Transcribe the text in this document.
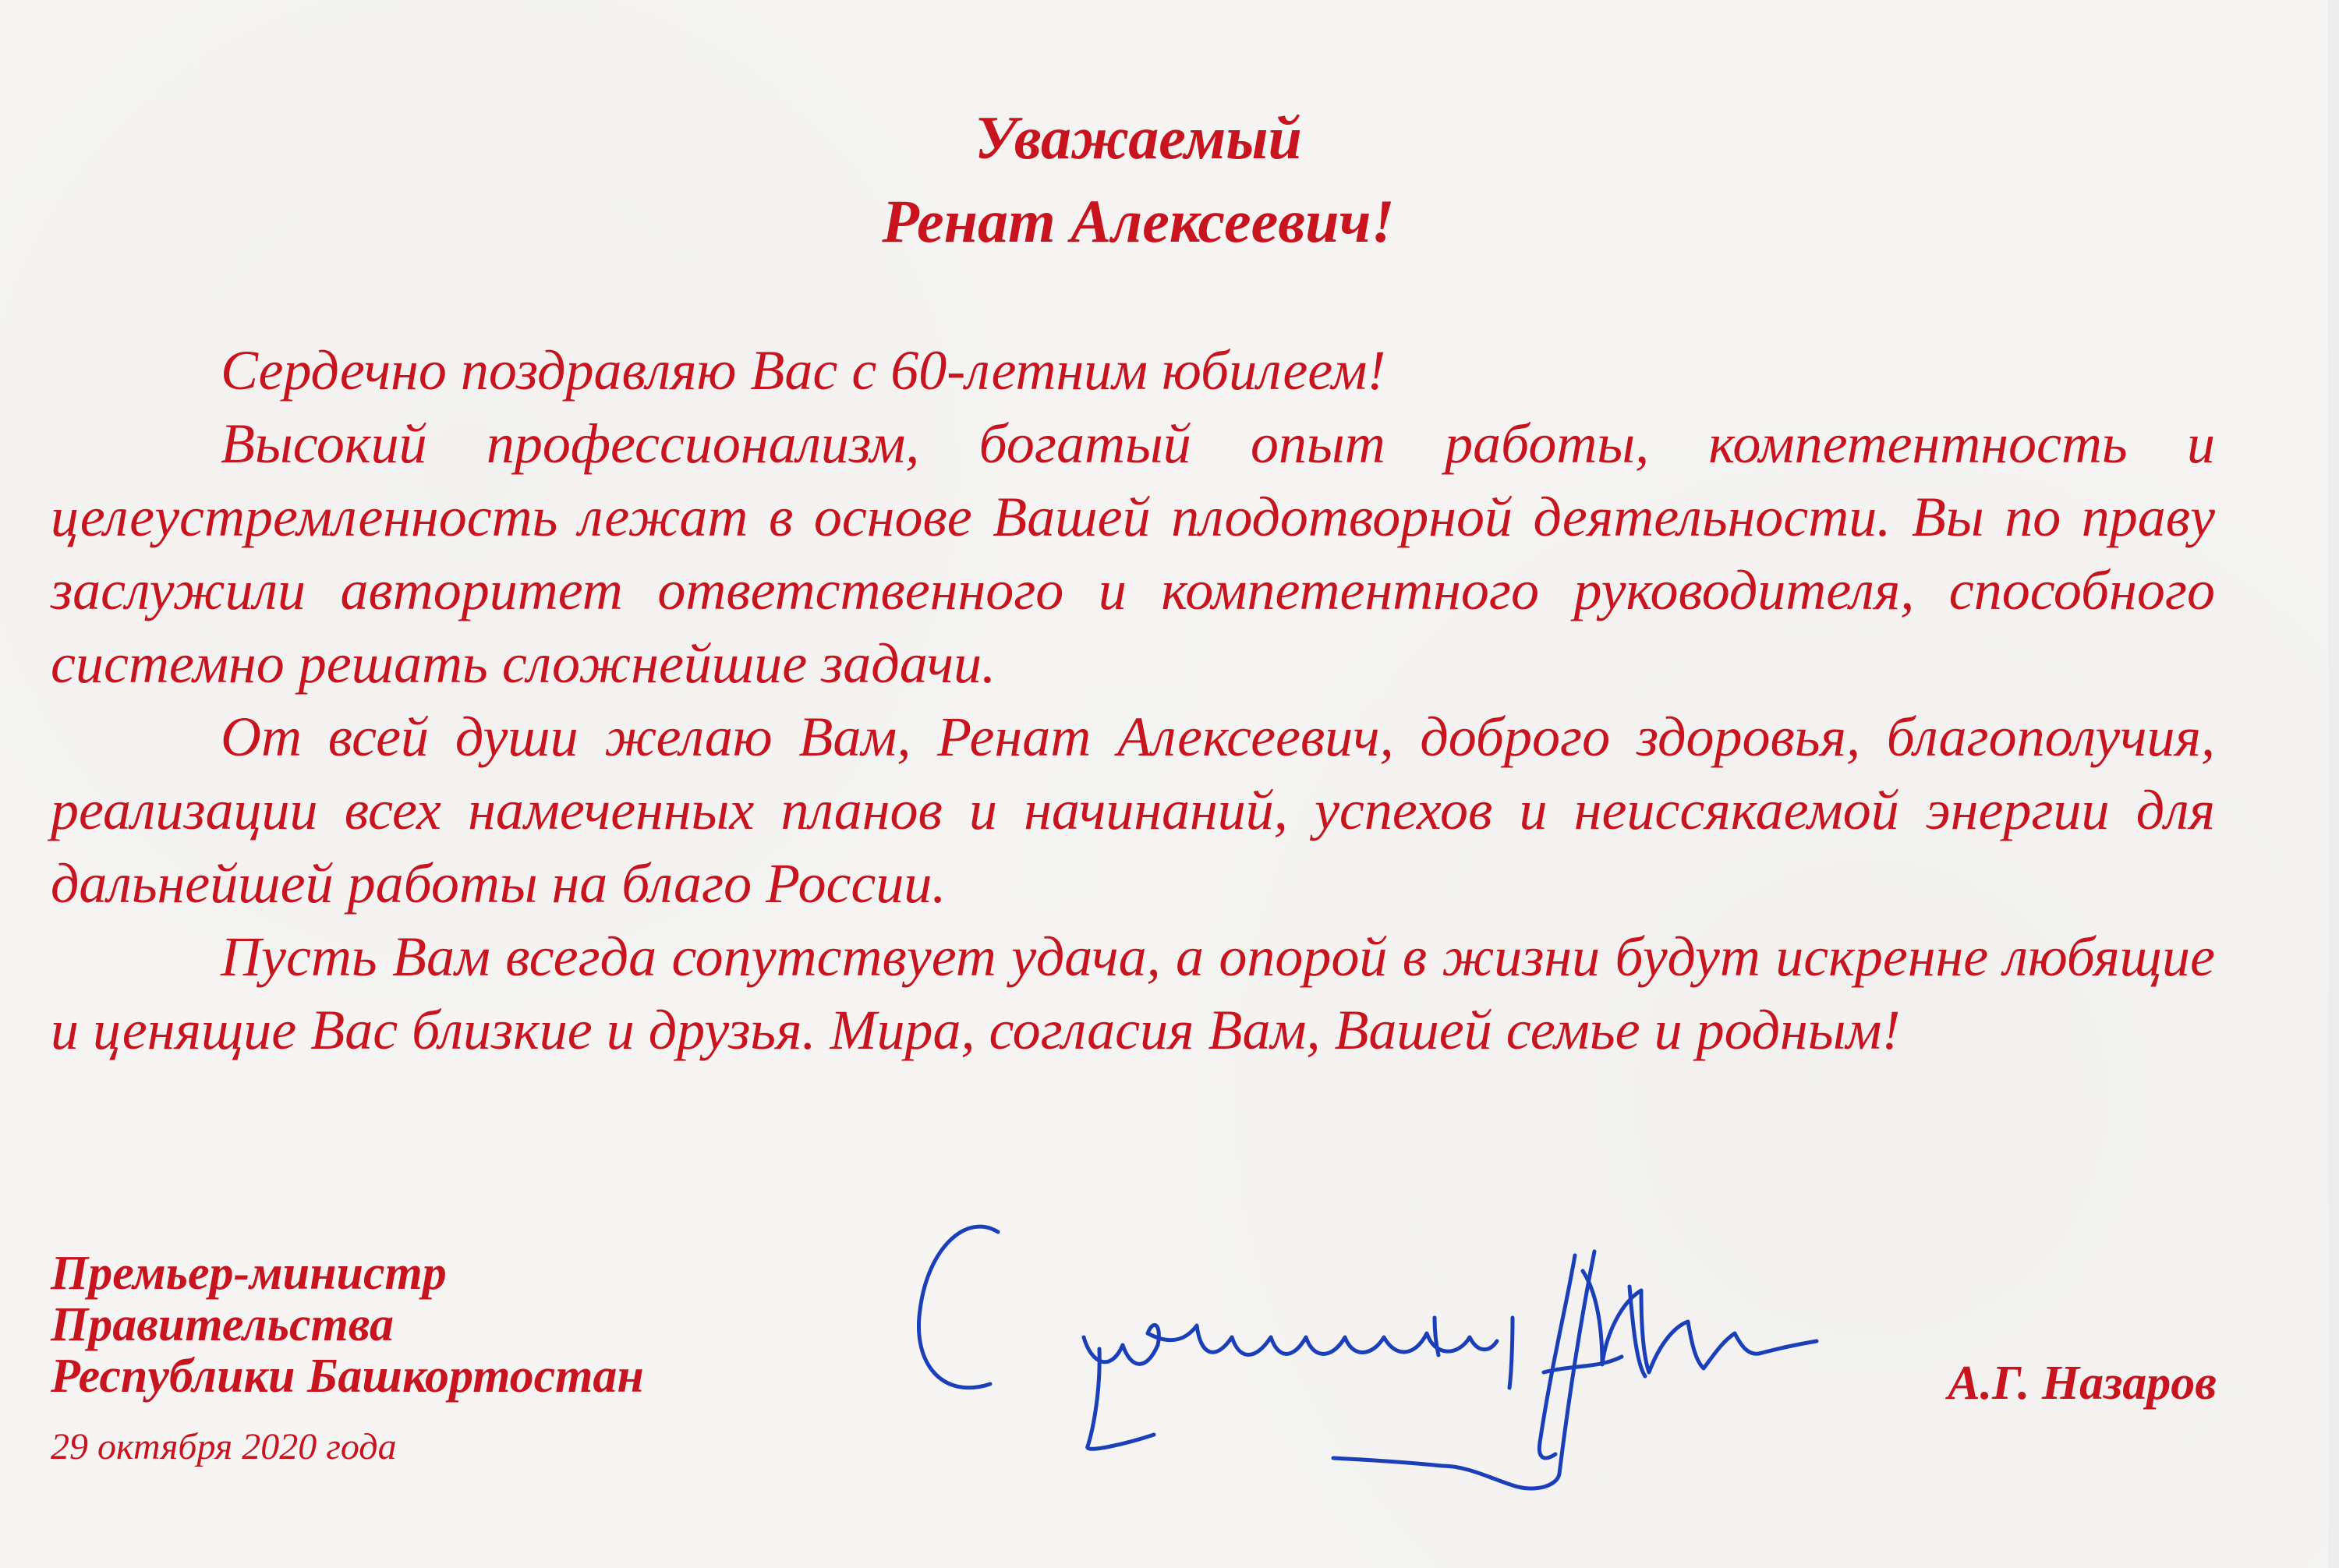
Уважаемый
Ренат Алексеевич!

Сердечно поздравляю Вас с 60-летним юбилеем!

Высокий профессионализм, богатый опыт работы, компетентность и целеустремленность лежат в основе Вашей плодотворной деятельности. Вы по праву заслужили авторитет ответственного и компетентного руководителя, способного системно решать сложнейшие задачи.

От всей души желаю Вам, Ренат Алексеевич, доброго здоровья, благополучия, реализации всех намеченных планов и начинаний, успехов и неиссякаемой энергии для дальнейшей работы на благо России.

Пусть Вам всегда сопутствует удача, а опорой в жизни будут искренне любящие и ценящие Вас близкие и друзья. Мира, согласия Вам, Вашей семье и родным!

Премьер-министр
Правительства
Республики Башкортостан
29 октября 2020 года
А.Г. Назаров
